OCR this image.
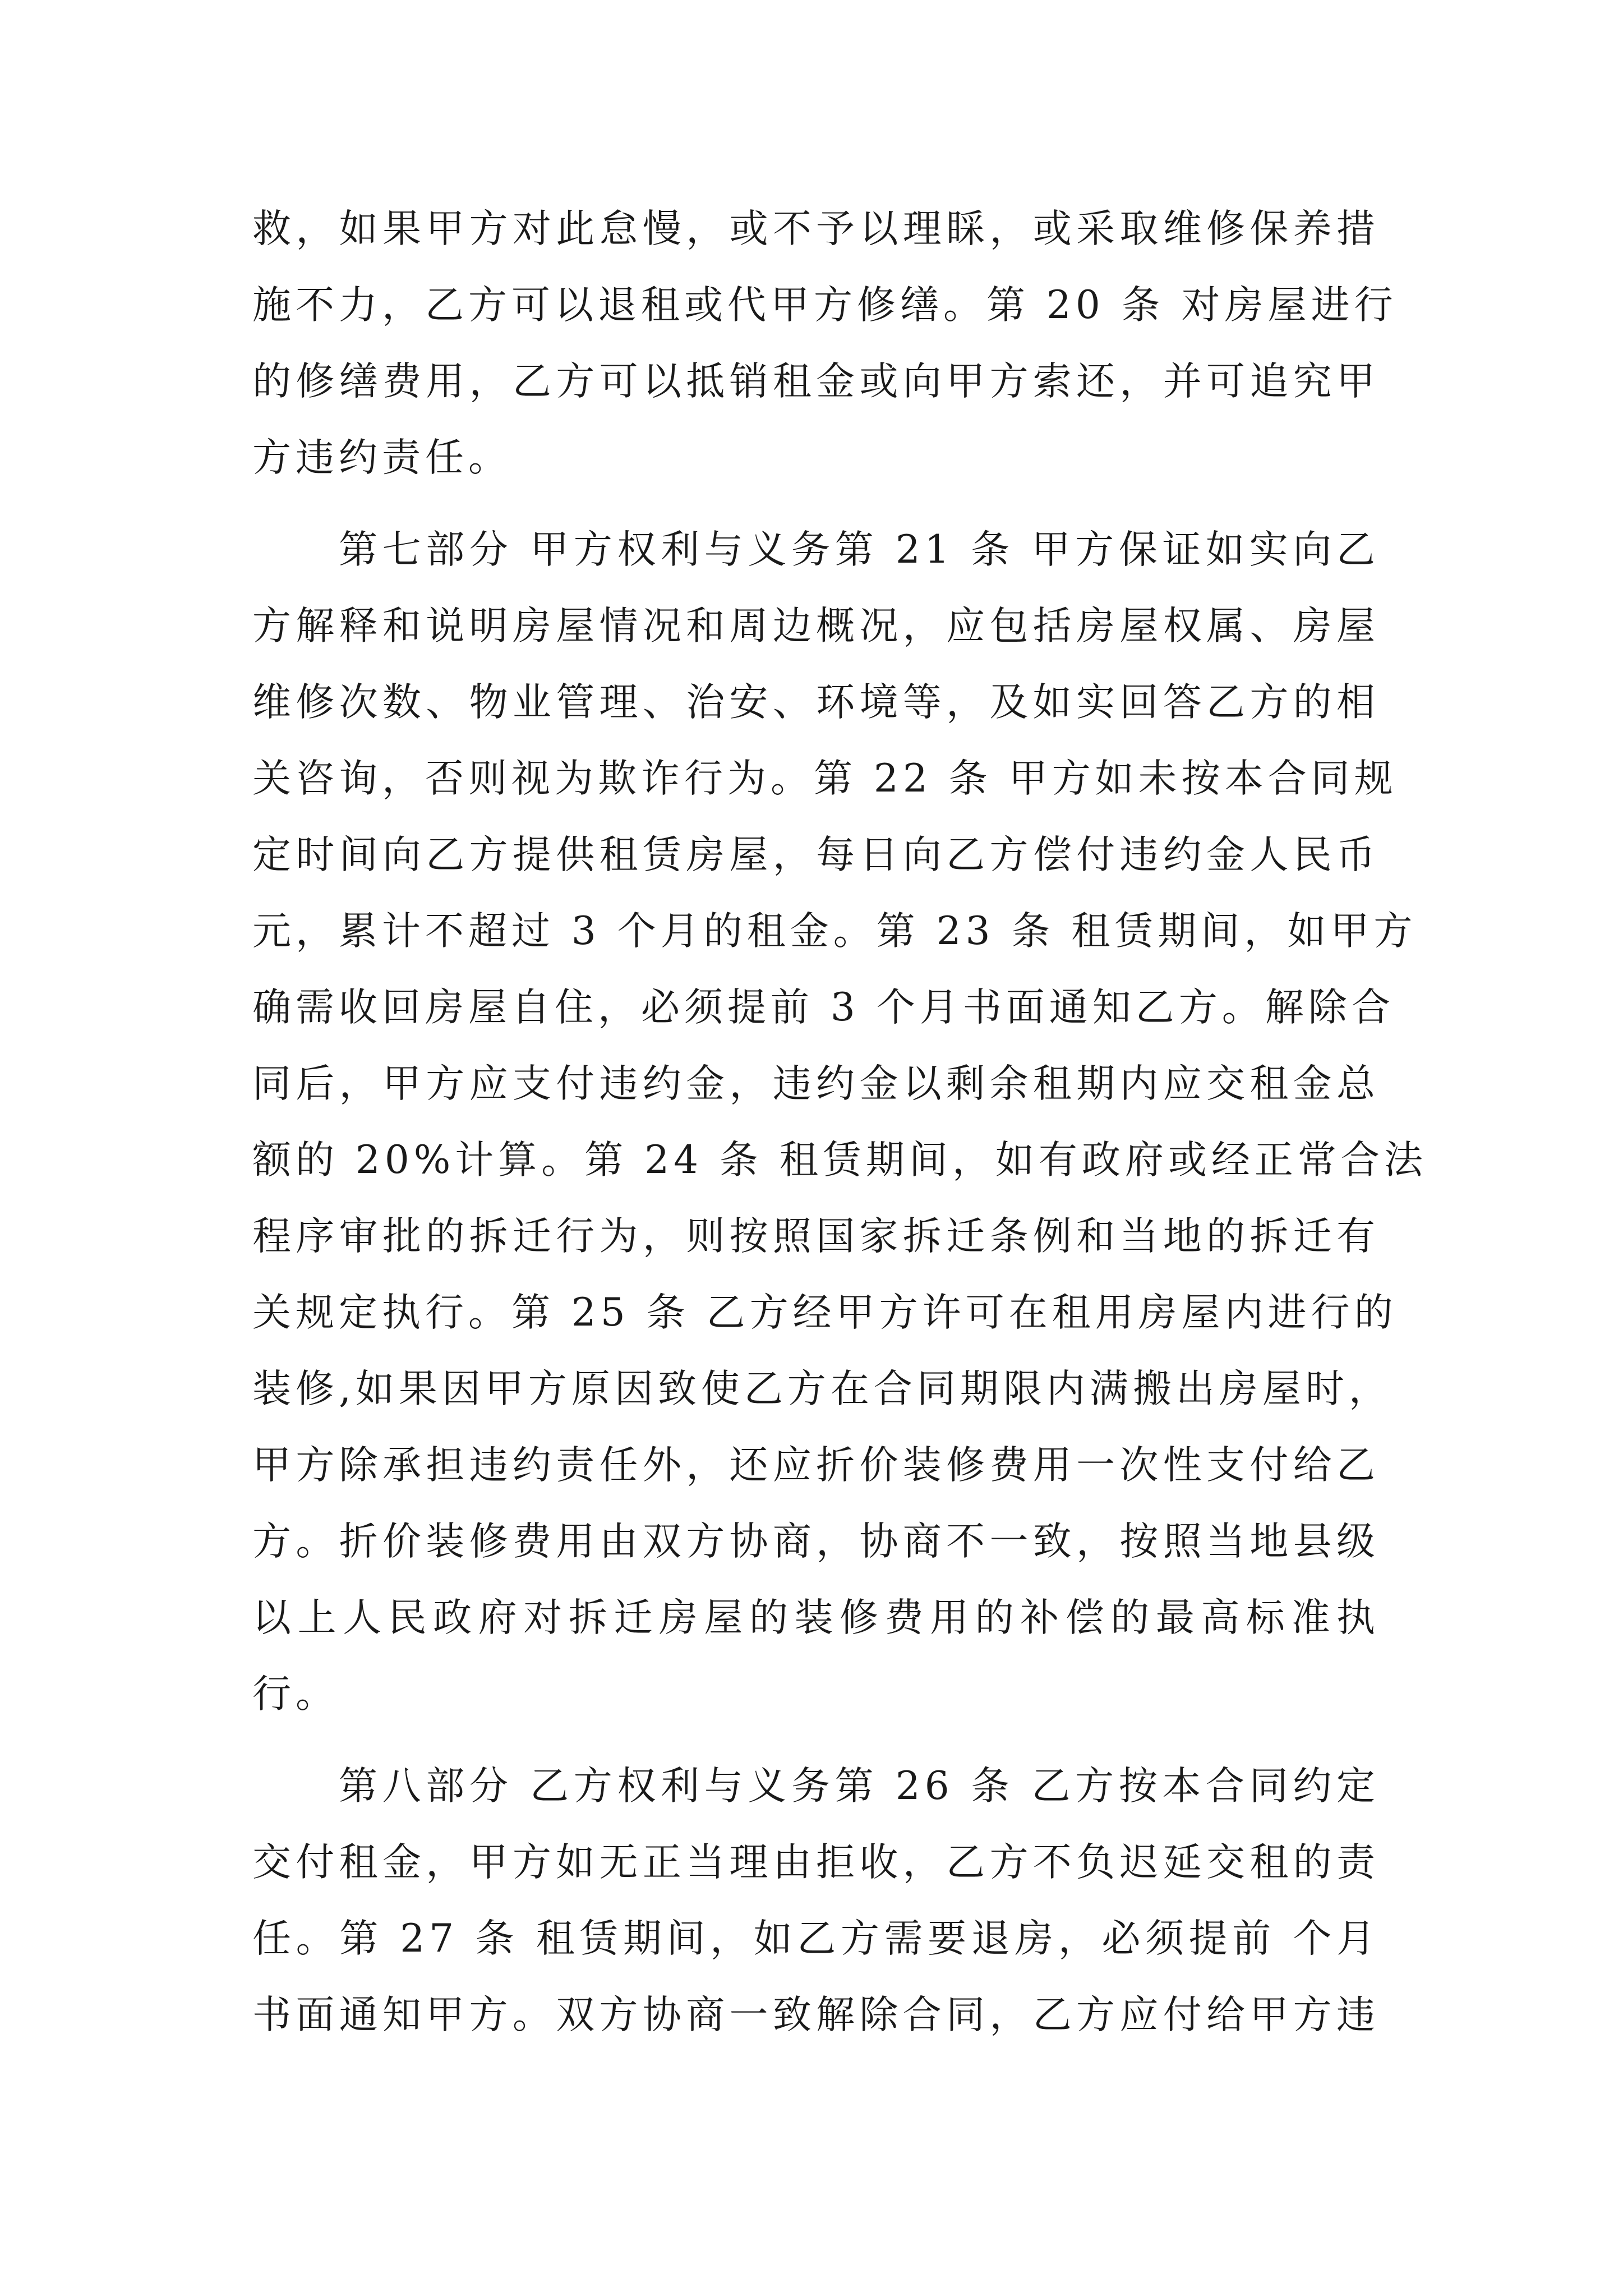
救，如果甲方对此怠慢，或不予以理睬，或采取维修保养措
施不力，乙方可以退租或代甲方修缮。第 20 条 对房屋进行
的修缮费用，乙方可以抵销租金或向甲方索还，并可追究甲
方违约责任。
第七部分 甲方权利与义务第 21 条 甲方保证如实向乙
方解释和说明房屋情况和周边概况，应包括房屋权属、房屋
维修次数、物业管理、治安、环境等，及如实回答乙方的相
关咨询，否则视为欺诈行为。第 22 条 甲方如未按本合同规
定时间向乙方提供租赁房屋，每日向乙方偿付违约金人民币
元，累计不超过 3 个月的租金。第 23 条 租赁期间，如甲方
确需收回房屋自住，必须提前 3 个月书面通知乙方。解除合
同后，甲方应支付违约金，违约金以剩余租期内应交租金总
额的 20%计算。第 24 条 租赁期间，如有政府或经正常合法
程序审批的拆迁行为，则按照国家拆迁条例和当地的拆迁有
关规定执行。第 25 条 乙方经甲方许可在租用房屋内进行的
装修,如果因甲方原因致使乙方在合同期限内满搬出房屋时，
甲方除承担违约责任外，还应折价装修费用一次性支付给乙
方。折价装修费用由双方协商，协商不一致，按照当地县级
以上人民政府对拆迁房屋的装修费用的补偿的最高标准执
行。
第八部分 乙方权利与义务第 26 条 乙方按本合同约定
交付租金，甲方如无正当理由拒收，乙方不负迟延交租的责
任。第 27 条 租赁期间，如乙方需要退房，必须提前 个月
书面通知甲方。双方协商一致解除合同，乙方应付给甲方违
